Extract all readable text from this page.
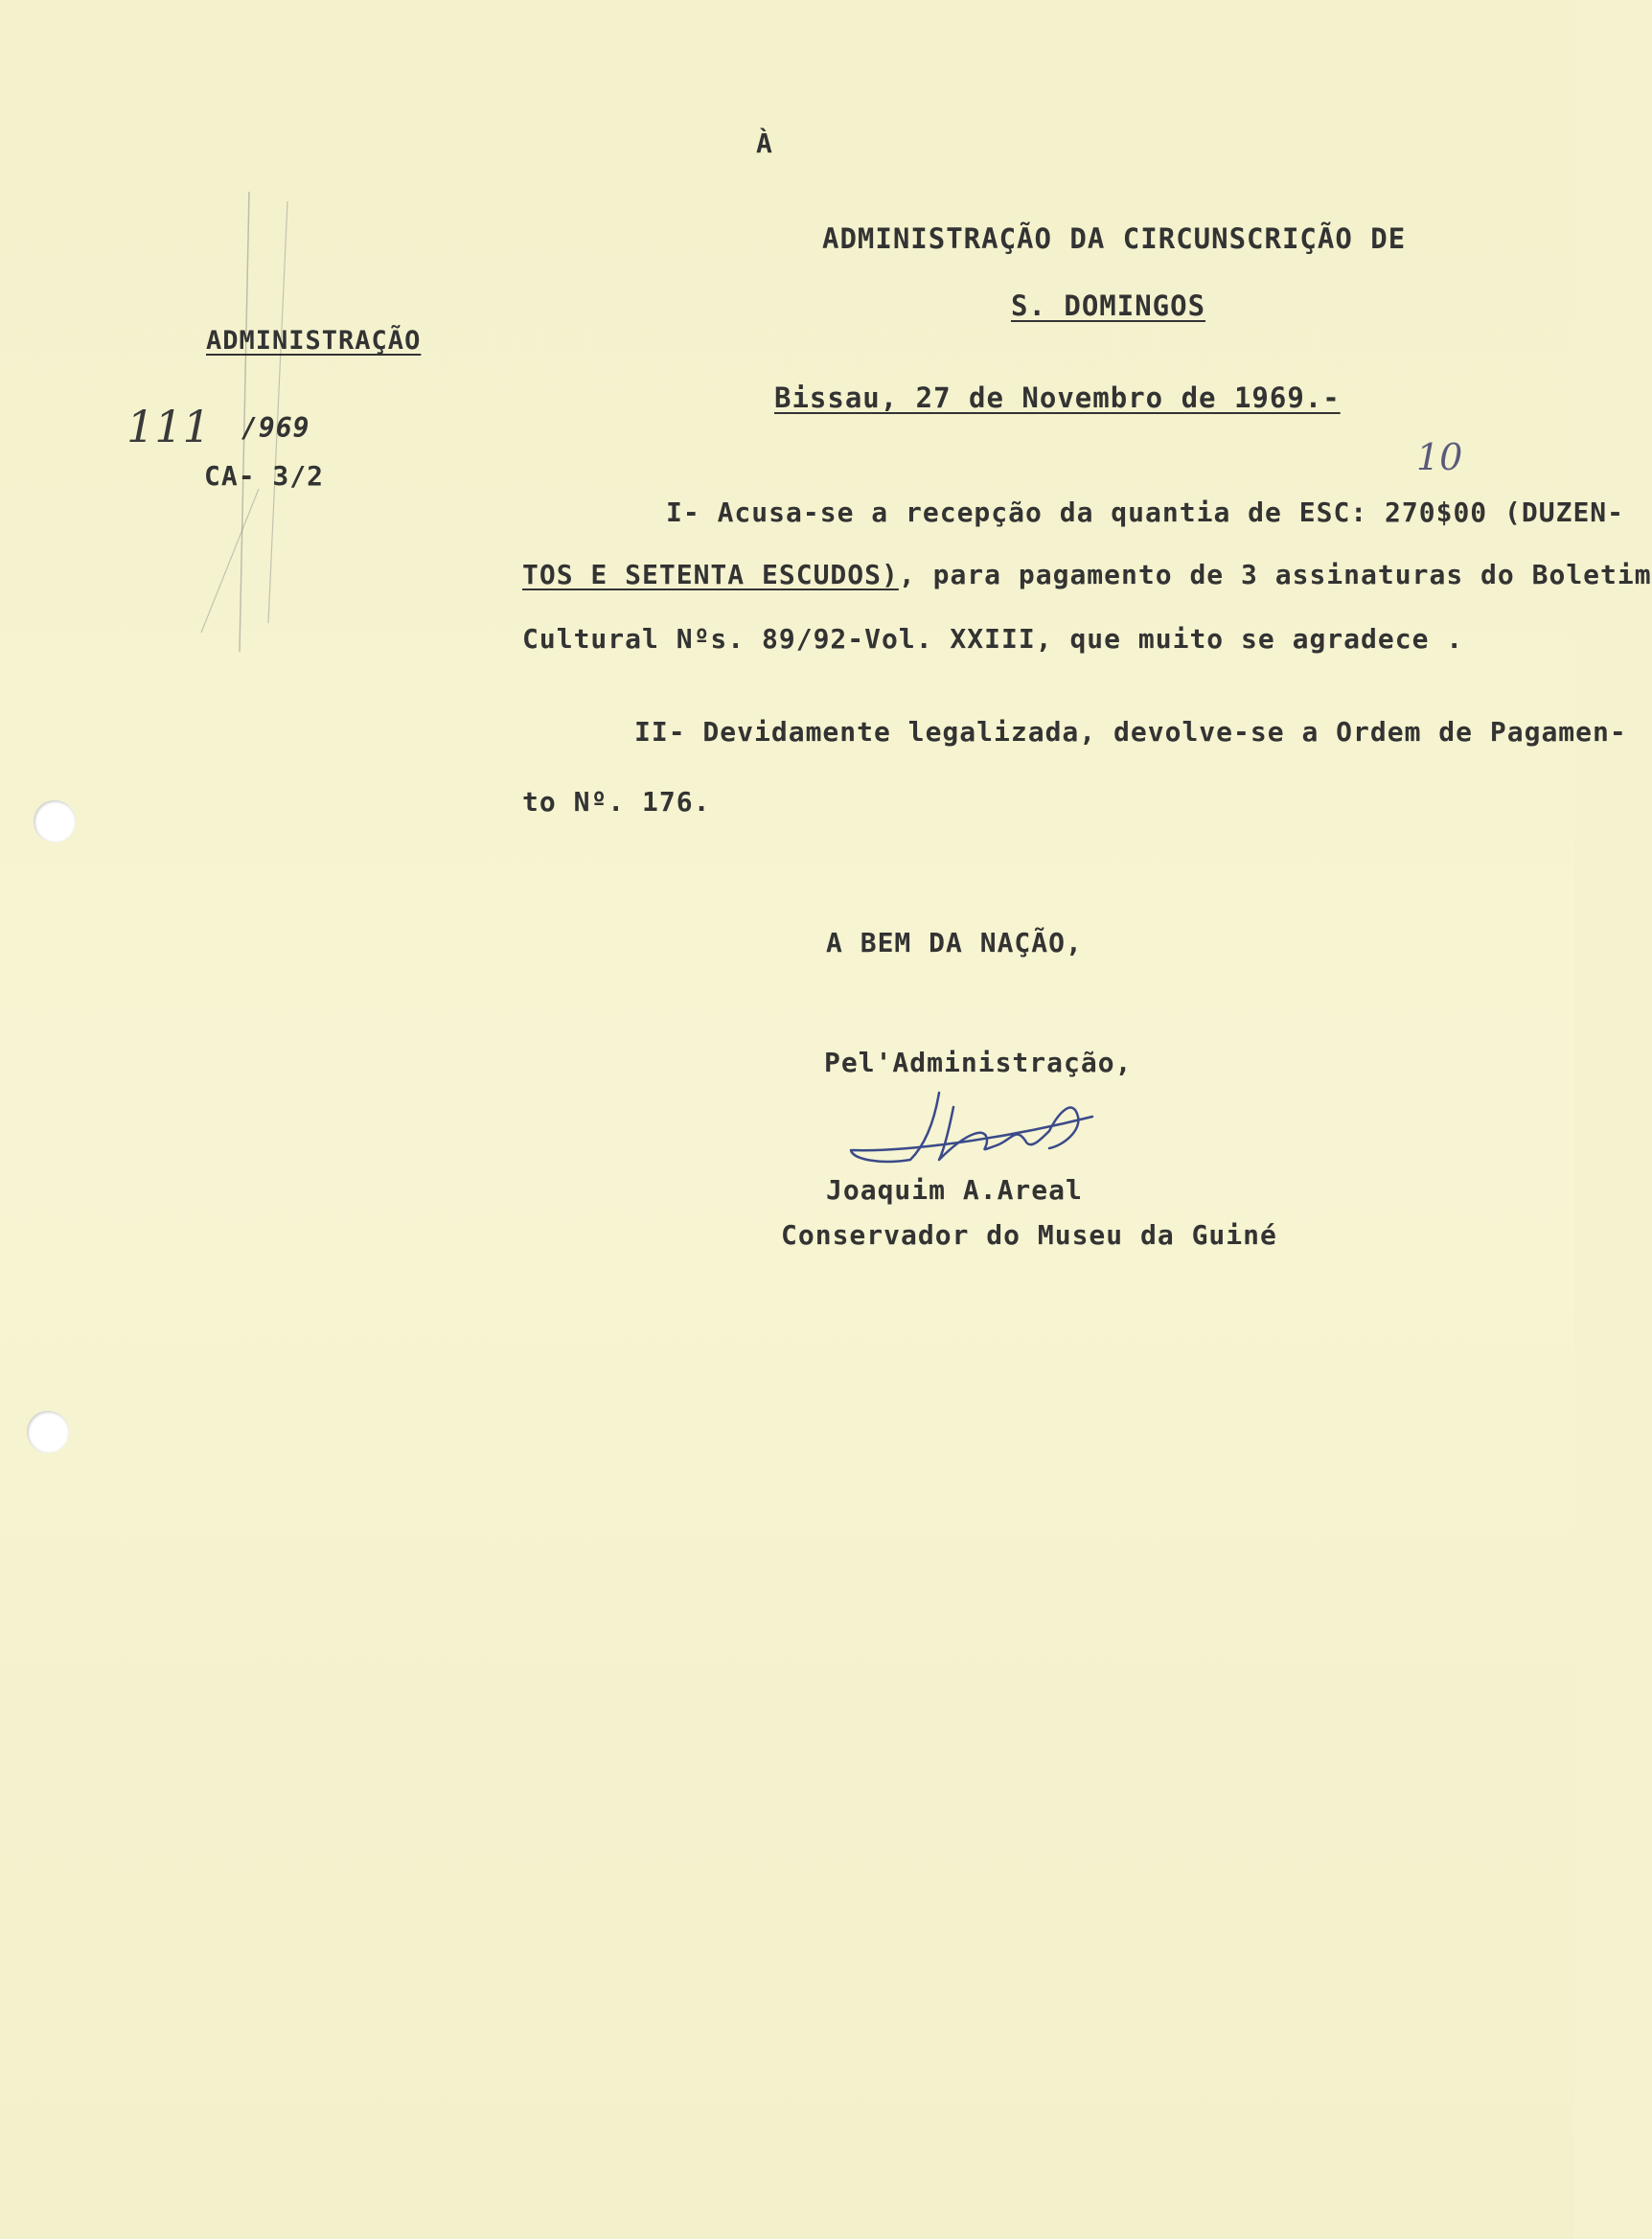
À
ADMINISTRAÇÃO DA CIRCUNSCRIÇÃO DE
S. DOMINGOS
ADMINISTRAÇÃO
111 /969
CA- 3/2
Bissau, 27 de Novembro de 1969.-
10
I- Acusa-se a recepção da quantia de ESC: 270$00 (DUZEN-
TOS E SETENTA ESCUDOS), para pagamento de 3 assinaturas do Boletim
Cultural Nºs. 89/92-Vol. XXIII, que muito se agradece .
II- Devidamente legalizada, devolve-se a Ordem de Pagamen-
to Nº. 176.
A BEM DA NAÇÃO,
Pel'Administração,
Joaquim A.Areal
Conservador do Museu da Guiné
